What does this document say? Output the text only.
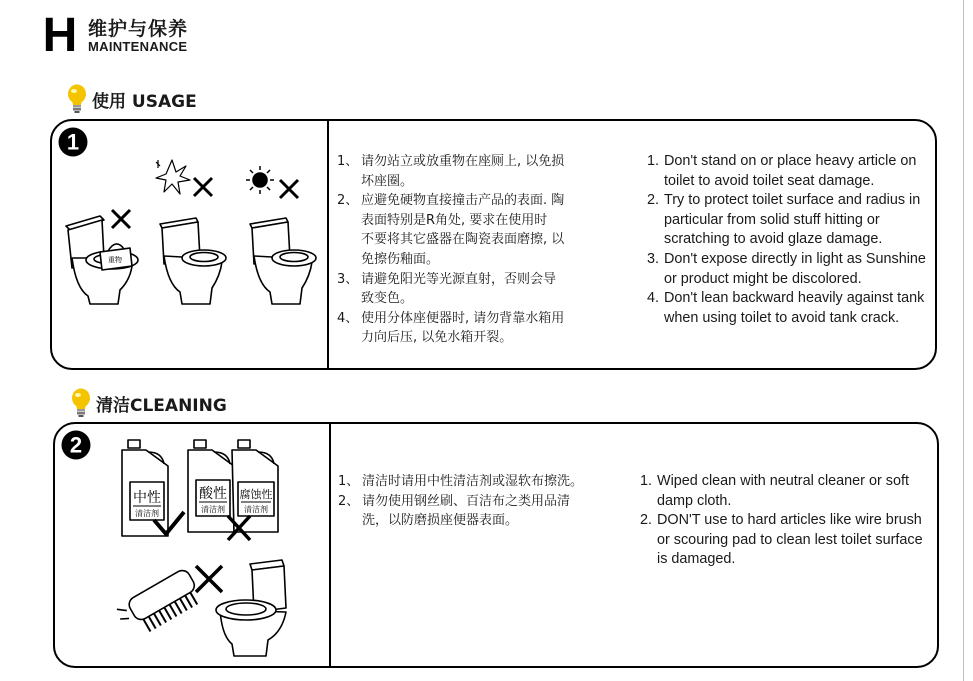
H 维护与保养
MAINTENANCE
使用 USAGE
1
重物
1、 请勿站立或放重物在座厕上, 以免损
坏座圈。
2、 应避免硬物直接撞击产品的表面. 陶
表面特别是R角处, 要求在使用时
不要将其它盛器在陶瓷表面磨擦, 以
免擦伤釉面。
3、 请避免阳光等光源直射，否则会导
致变色。
4、 使用分体座便器时, 请勿背靠水箱用
力向后压, 以免水箱开裂。
1. Don't stand on or place heavy article on
toilet to avoid toilet seat damage.
2. Try to protect toilet surface and radius in
particular from solid stuff hitting or
scratching to avoid glaze damage.
3. Don't expose directly in light as Sunshine
or product might be discolored.
4. Don't lean backward heavily against tank
when using toilet to avoid tank crack.
清洁CLEANING
2
中性
清洁剂
酸性
清洁剂
腐蚀性
清洁剂
1、 清洁时请用中性清洁剂或湿软布擦洗。
2、 请勿使用钢丝刷、百洁布之类用品清
洗，以防磨损座便器表面。
1. Wiped clean with neutral cleaner or soft
damp cloth.
2. DON'T use to hard articles like wire brush
or scouring pad to clean lest toilet surface
is damaged.
